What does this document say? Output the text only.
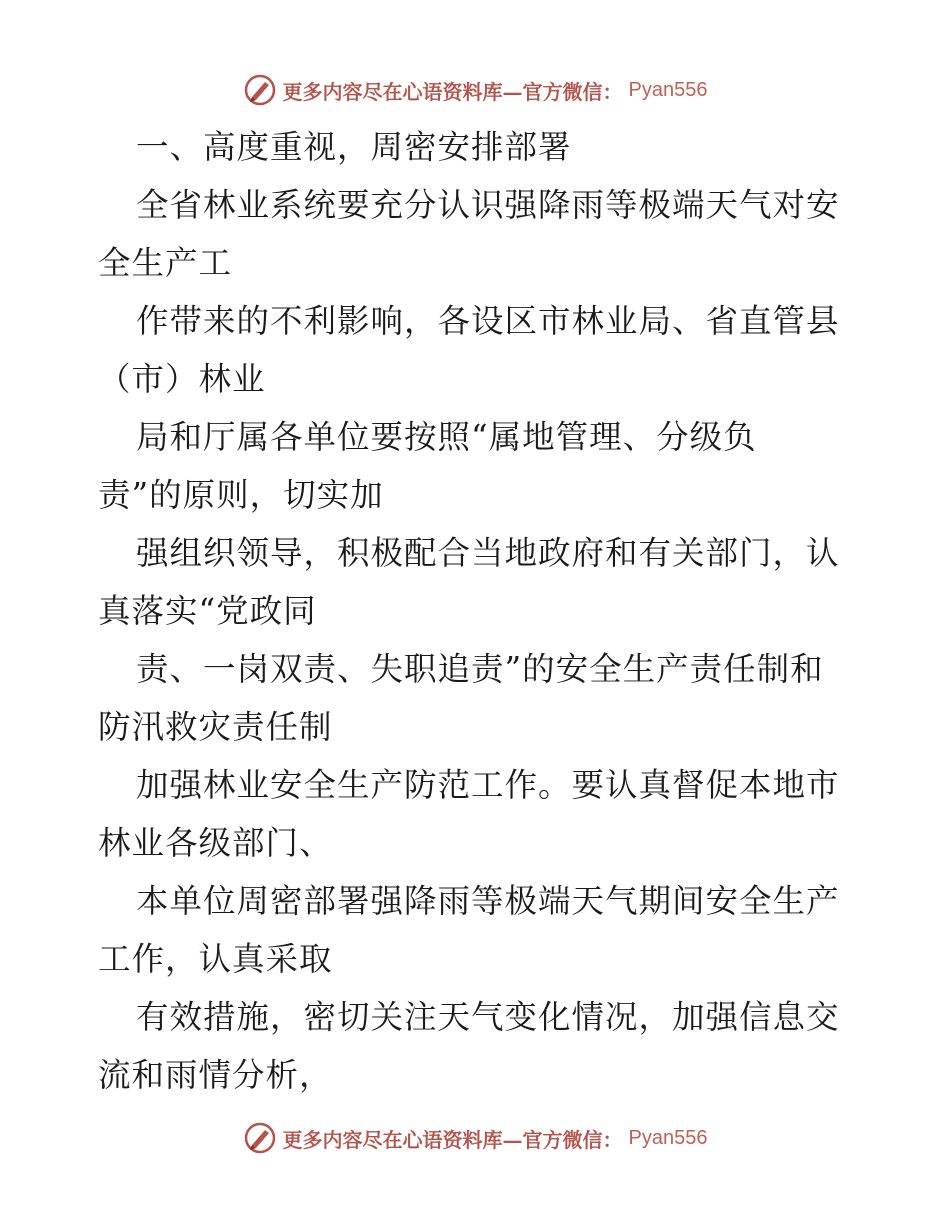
更多内容尽在心语资料库—官方微信： Pyan556
一、高度重视，周密安排部署
全省林业系统要充分认识强降雨等极端天气对安
全生产工
作带来的不利影响，各设区市林业局、省直管县
（市）林业
局和厅属各单位要按照“属地管理、分级负
责”的原则，切实加
强组织领导，积极配合当地政府和有关部门，认
真落实“党政同
责、一岗双责、失职追责”的安全生产责任制和
防汛救灾责任制
加强林业安全生产防范工作。要认真督促本地市
林业各级部门、
本单位周密部署强降雨等极端天气期间安全生产
工作，认真采取
有效措施，密切关注天气变化情况，加强信息交
流和雨情分析，
更多内容尽在心语资料库—官方微信： Pyan556
